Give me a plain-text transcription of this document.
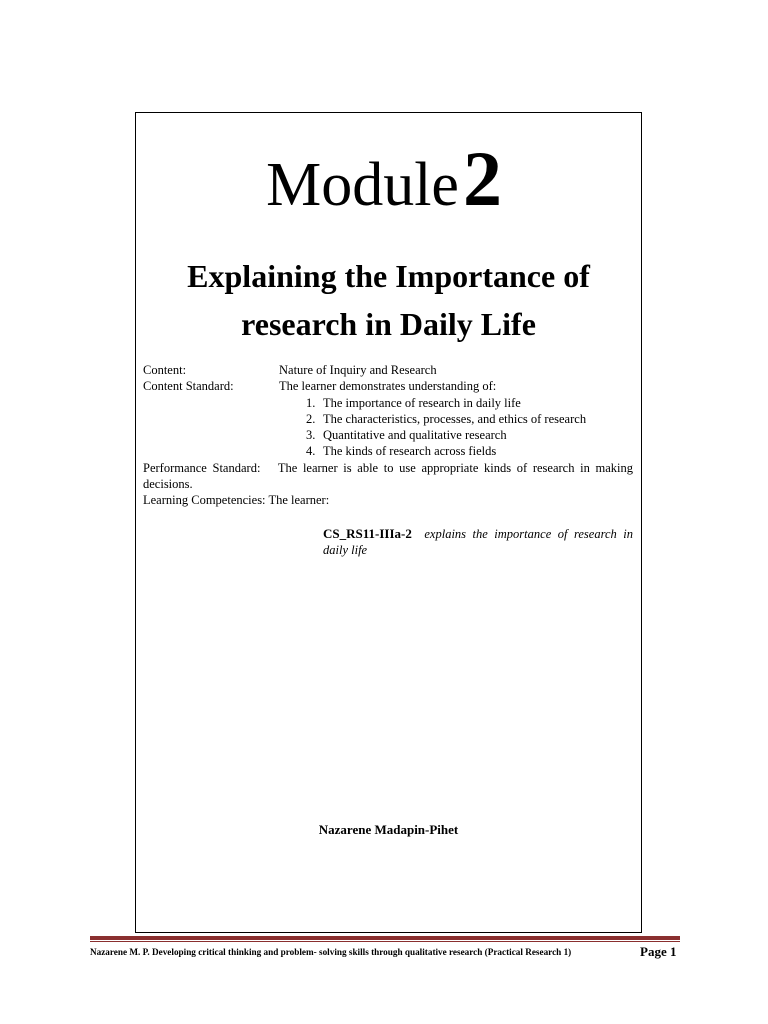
Module 2
Explaining the Importance of
research in Daily Life
Content:	Nature of Inquiry and Research
Content Standard:	The learner demonstrates understanding of:
1. The importance of research in daily life
2. The characteristics, processes, and ethics of research
3. Quantitative and qualitative research
4. The kinds of research across fields
Performance Standard: The learner is able to use appropriate kinds of research in making decisions.
Learning Competencies: The learner:
CS_RS11-IIIa-2 explains the importance of research in daily life
Nazarene Madapin-Pihet
Nazarene M. P. Developing critical thinking and problem- solving skills through qualitative research (Practical Research 1)	Page 1
